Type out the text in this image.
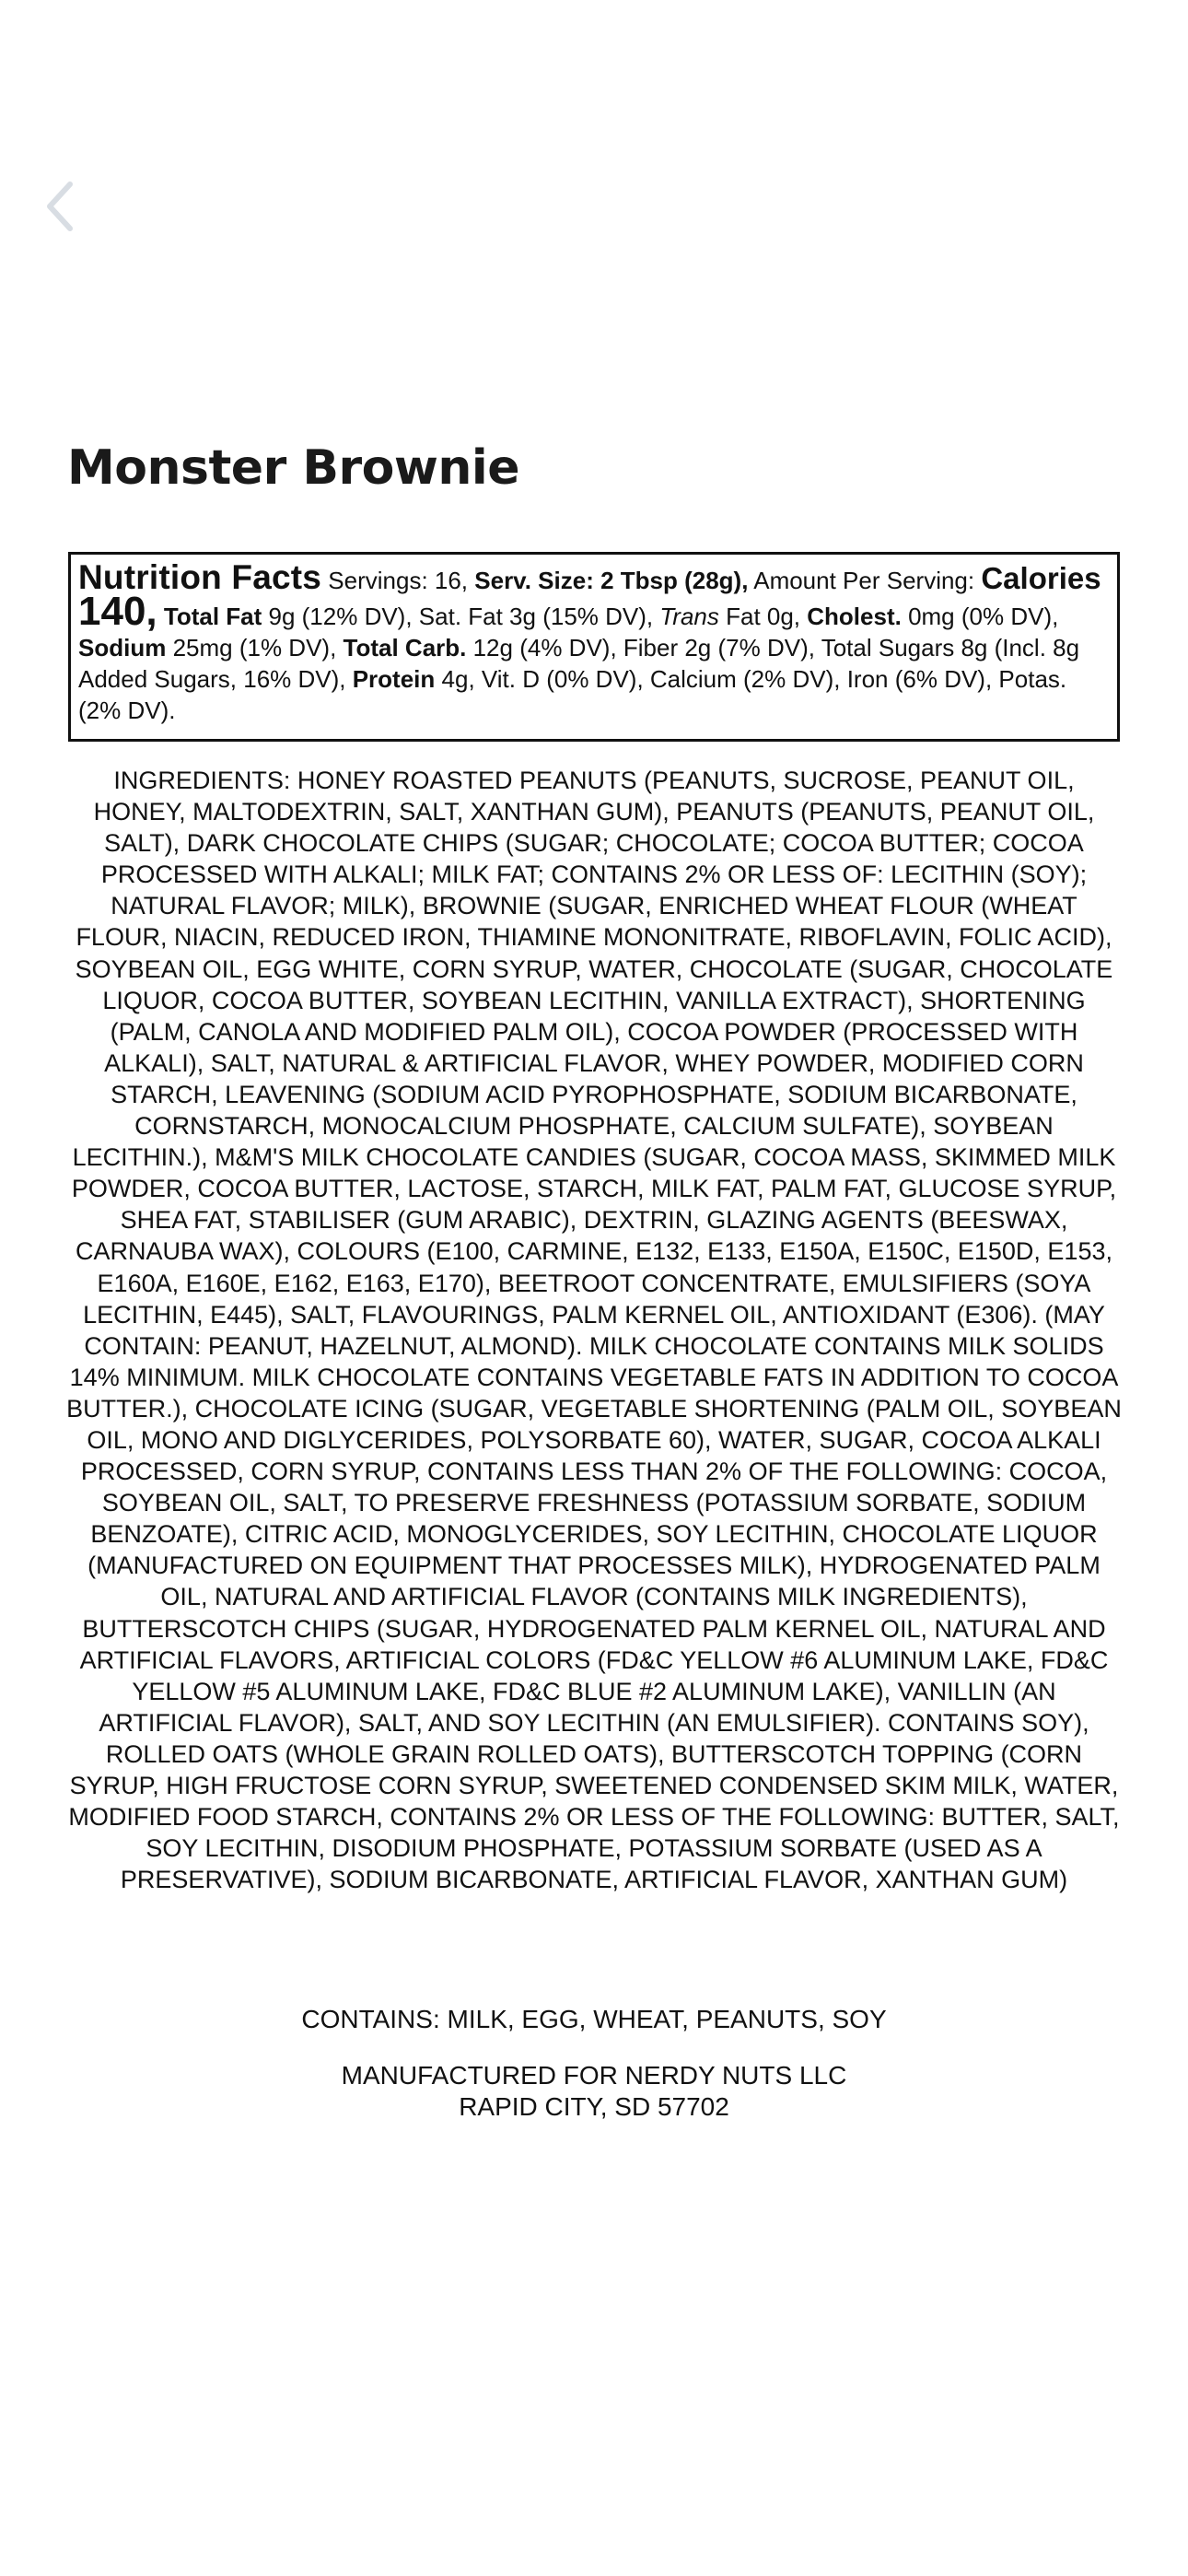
Monster Brownie

Nutrition Facts Servings: 16, Serv. Size: 2 Tbsp (28g), Amount Per Serving: Calories 140, Total Fat 9g (12% DV), Sat. Fat 3g (15% DV), Trans Fat 0g, Cholest. 0mg (0% DV), Sodium 25mg (1% DV), Total Carb. 12g (4% DV), Fiber 2g (7% DV), Total Sugars 8g (Incl. 8g Added Sugars, 16% DV), Protein 4g, Vit. D (0% DV), Calcium (2% DV), Iron (6% DV), Potas. (2% DV).

INGREDIENTS: HONEY ROASTED PEANUTS (PEANUTS, SUCROSE, PEANUT OIL, HONEY, MALTODEXTRIN, SALT, XANTHAN GUM), PEANUTS (PEANUTS, PEANUT OIL, SALT), DARK CHOCOLATE CHIPS (SUGAR; CHOCOLATE; COCOA BUTTER; COCOA PROCESSED WITH ALKALI; MILK FAT; CONTAINS 2% OR LESS OF: LECITHIN (SOY); NATURAL FLAVOR; MILK), BROWNIE (SUGAR, ENRICHED WHEAT FLOUR (WHEAT FLOUR, NIACIN, REDUCED IRON, THIAMINE MONONITRATE, RIBOFLAVIN, FOLIC ACID), SOYBEAN OIL, EGG WHITE, CORN SYRUP, WATER, CHOCOLATE (SUGAR, CHOCOLATE LIQUOR, COCOA BUTTER, SOYBEAN LECITHIN, VANILLA EXTRACT), SHORTENING (PALM, CANOLA AND MODIFIED PALM OIL), COCOA POWDER (PROCESSED WITH ALKALI), SALT, NATURAL & ARTIFICIAL FLAVOR, WHEY POWDER, MODIFIED CORN STARCH, LEAVENING (SODIUM ACID PYROPHOSPHATE, SODIUM BICARBONATE, CORNSTARCH, MONOCALCIUM PHOSPHATE, CALCIUM SULFATE), SOYBEAN LECITHIN.), M&M'S MILK CHOCOLATE CANDIES (SUGAR, COCOA MASS, SKIMMED MILK POWDER, COCOA BUTTER, LACTOSE, STARCH, MILK FAT, PALM FAT, GLUCOSE SYRUP, SHEA FAT, STABILISER (GUM ARABIC), DEXTRIN, GLAZING AGENTS (BEESWAX, CARNAUBA WAX), COLOURS (E100, CARMINE, E132, E133, E150A, E150C, E150D, E153, E160A, E160E, E162, E163, E170), BEETROOT CONCENTRATE, EMULSIFIERS (SOYA LECITHIN, E445), SALT, FLAVOURINGS, PALM KERNEL OIL, ANTIOXIDANT (E306). (MAY CONTAIN: PEANUT, HAZELNUT, ALMOND). MILK CHOCOLATE CONTAINS MILK SOLIDS 14% MINIMUM. MILK CHOCOLATE CONTAINS VEGETABLE FATS IN ADDITION TO COCOA BUTTER.), CHOCOLATE ICING (SUGAR, VEGETABLE SHORTENING (PALM OIL, SOYBEAN OIL, MONO AND DIGLYCERIDES, POLYSORBATE 60), WATER, SUGAR, COCOA ALKALI PROCESSED, CORN SYRUP, CONTAINS LESS THAN 2% OF THE FOLLOWING: COCOA, SOYBEAN OIL, SALT, TO PRESERVE FRESHNESS (POTASSIUM SORBATE, SODIUM BENZOATE), CITRIC ACID, MONOGLYCERIDES, SOY LECITHIN, CHOCOLATE LIQUOR (MANUFACTURED ON EQUIPMENT THAT PROCESSES MILK), HYDROGENATED PALM OIL, NATURAL AND ARTIFICIAL FLAVOR (CONTAINS MILK INGREDIENTS), BUTTERSCOTCH CHIPS (SUGAR, HYDROGENATED PALM KERNEL OIL, NATURAL AND ARTIFICIAL FLAVORS, ARTIFICIAL COLORS (FD&C YELLOW #6 ALUMINUM LAKE, FD&C YELLOW #5 ALUMINUM LAKE, FD&C BLUE #2 ALUMINUM LAKE), VANILLIN (AN ARTIFICIAL FLAVOR), SALT, AND SOY LECITHIN (AN EMULSIFIER). CONTAINS SOY), ROLLED OATS (WHOLE GRAIN ROLLED OATS), BUTTERSCOTCH TOPPING (CORN SYRUP, HIGH FRUCTOSE CORN SYRUP, SWEETENED CONDENSED SKIM MILK, WATER, MODIFIED FOOD STARCH, CONTAINS 2% OR LESS OF THE FOLLOWING: BUTTER, SALT, SOY LECITHIN, DISODIUM PHOSPHATE, POTASSIUM SORBATE (USED AS A PRESERVATIVE), SODIUM BICARBONATE, ARTIFICIAL FLAVOR, XANTHAN GUM)

CONTAINS: MILK, EGG, WHEAT, PEANUTS, SOY

MANUFACTURED FOR NERDY NUTS LLC
RAPID CITY, SD 57702
